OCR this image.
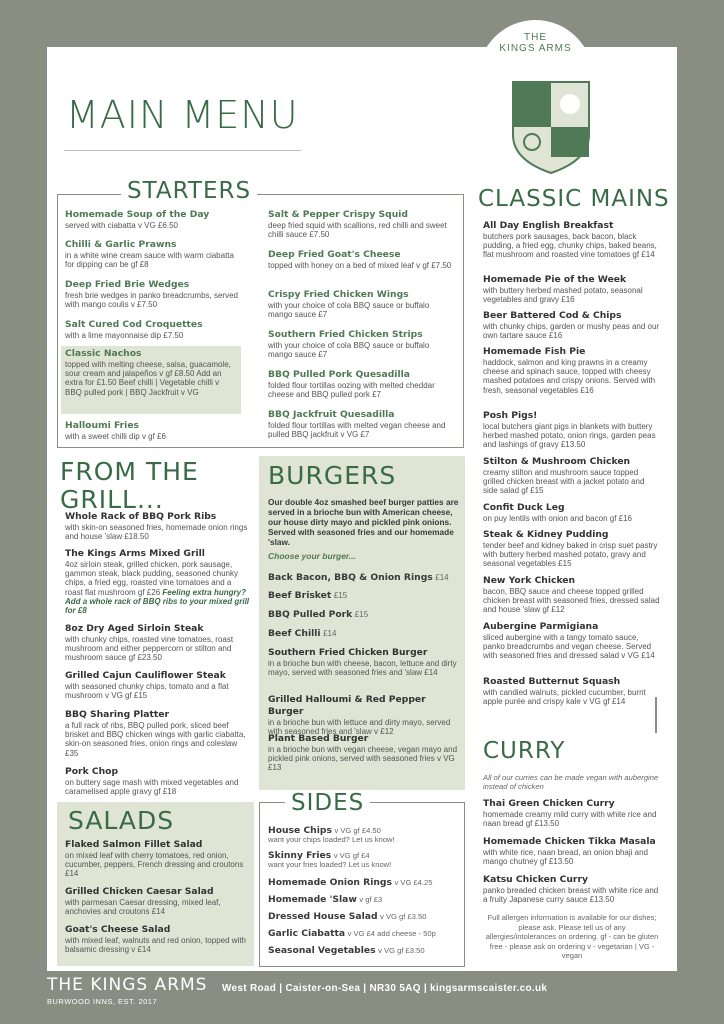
THE
KINGS ARMS
MAIN MENU
STARTERS
Homemade Soup of the Day
served with ciabatta v VG £6.50
Chilli & Garlic Prawns
in a white wine cream sauce with warm ciabatta for dipping can be gf £8
Deep Fried Brie Wedges
fresh brie wedges in panko breadcrumbs, served with mango coulis v £7.50
Salt Cured Cod Croquettes
with a lime mayonnaise dip £7.50
Classic Nachos
topped with melting cheese, salsa, guacamole, sour cream and jalapeños v gf £8.50 Add an extra for £1.50 Beef chilli | Vegetable chilli v BBQ pulled pork | BBQ Jackfruit v VG
Halloumi Fries
with a sweet chilli dip v gf £6
Salt & Pepper Crispy Squid
deep fried squid with scallions, red chilli and sweet chilli sauce £7.50
Deep Fried Goat's Cheese
topped with honey on a bed of mixed leaf v gf £7.50
Crispy Fried Chicken Wings
with your choice of cola BBQ sauce or buffalo mango sauce £7
Southern Fried Chicken Strips
with your choice of cola BBQ sauce or buffalo mango sauce £7
BBQ Pulled Pork Quesadilla
folded flour tortillas oozing with melted cheddar cheese and BBQ pulled pork £7
BBQ Jackfruit Quesadilla
folded flour tortillas with melted vegan cheese and pulled BBQ jackfruit v VG £7
FROM THE GRILL...
Whole Rack of BBQ Pork Ribs
with skin-on seasoned fries, homemade onion rings and house 'slaw £18.50
The Kings Arms Mixed Grill
4oz sirloin steak, grilled chicken, pork sausage, gammon steak, black pudding, seasoned chunky chips, a fried egg, roasted vine tomatoes and a roast flat mushroom gf £26 Feeling extra hungry? Add a whole rack of BBQ ribs to your mixed grill for £8
8oz Dry Aged Sirloin Steak
with chunky chips, roasted vine tomatoes, roast mushroom and either peppercorn or stilton and mushroom sauce gf £23.50
Grilled Cajun Cauliflower Steak
with seasoned chunky chips, tomato and a flat mushroom v VG gf £15
BBQ Sharing Platter
a full rack of ribs, BBQ pulled pork, sliced beef brisket and BBQ chicken wings with garlic ciabatta, skin-on seasoned fries, onion rings and coleslaw £35
Pork Chop
on buttery sage mash with mixed vegetables and caramelised apple gravy gf £18
SALADS
Flaked Salmon Fillet Salad
on mixed leaf with cherry tomatoes, red onion, cucumber, peppers, French dressing and croutons £14
Grilled Chicken Caesar Salad
with parmesan Caesar dressing, mixed leaf, anchovies and croutons £14
Goat's Cheese Salad
with mixed leaf, walnuts and red onion, topped with balsamic dressing v £14
BURGERS
Our double 4oz smashed beef burger patties are served in a brioche bun with American cheese, our house dirty mayo and pickled pink onions. Served with seasoned fries and our homemade 'slaw.
Choose your burger...
Back Bacon, BBQ & Onion Rings £14
Beef Brisket £15
BBQ Pulled Pork £15
Beef Chilli £14
Southern Fried Chicken Burger
in a brioche bun with cheese, bacon, lettuce and dirty mayo, served with seasoned fries and 'slaw £14
Grilled Halloumi & Red Pepper Burger
in a brioche bun with lettuce and dirty mayo, served with seasoned fries and 'slaw v £12
Plant Based Burger
in a brioche bun with vegan cheese, vegan mayo and pickled pink onions, served with seasoned fries v VG £13
SIDES
House Chips v VG gf £4.50
want your chips loaded? Let us know!
Skinny Fries v VG gf £4
want your fries loaded? Let us know!
Homemade Onion Rings v VG £4.25
Homemade 'Slaw v gf £3
Dressed House Salad v VG gf £3.50
Garlic Ciabatta v VG £4 add cheese - 50p
Seasonal Vegetables v VG gf £3.50
CLASSIC MAINS
All Day English Breakfast
butchers pork sausages, back bacon, black pudding, a fried egg, chunky chips, baked beans, flat mushroom and roasted vine tomatoes gf £14
Homemade Pie of the Week
with buttery herbed mashed potato, seasonal vegetables and gravy £16
Beer Battered Cod & Chips
with chunky chips, garden or mushy peas and our own tartare sauce £16
Homemade Fish Pie
haddock, salmon and king prawns in a creamy cheese and spinach sauce, topped with cheesy mashed potatoes and crispy onions. Served with fresh, seasonal vegetables £16
Posh Pigs!
local butchers giant pigs in blankets with buttery herbed mashed potato, onion rings, garden peas and lashings of gravy £13.50
Stilton & Mushroom Chicken
creamy stilton and mushroom sauce topped grilled chicken breast with a jacket potato and side salad gf £15
Confit Duck Leg
on puy lentils with onion and bacon gf £16
Steak & Kidney Pudding
tender beef and kidney baked in crisp suet pastry with buttery herbed mashed potato, gravy and seasonal vegetables £15
New York Chicken
bacon, BBQ sauce and cheese topped grilled chicken breast with seasoned fries, dressed salad and house 'slaw gf £12
Aubergine Parmigiana
sliced aubergine with a tangy tomato sauce, panko breadcrumbs and vegan cheese. Served with seasoned fries and dressed salad v VG £14
Roasted Butternut Squash
with candied walnuts, pickled cucumber, burnt apple purée and crispy kale v VG gf £14
CURRY
All of our curries can be made vegan with aubergine instead of chicken
Thai Green Chicken Curry
homemade creamy mild curry with white rice and naan bread gf £13.50
Homemade Chicken Tikka Masala
with white rice, naan bread, an onion bhaji and mango chutney gf £13.50
Katsu Chicken Curry
panko breaded chicken breast with white rice and a fruity Japanese curry sauce £13.50
Full allergen information is available for our dishes; please ask. Please tell us of any allergies/intolerances on ordering. gf - can be gluten free - please ask on ordering v - vegetarian | VG - vegan
THE KINGS ARMS
BURWOOD INNS, EST. 2017
West Road | Caister-on-Sea | NR30 5AQ | kingsarmscaister.co.uk
